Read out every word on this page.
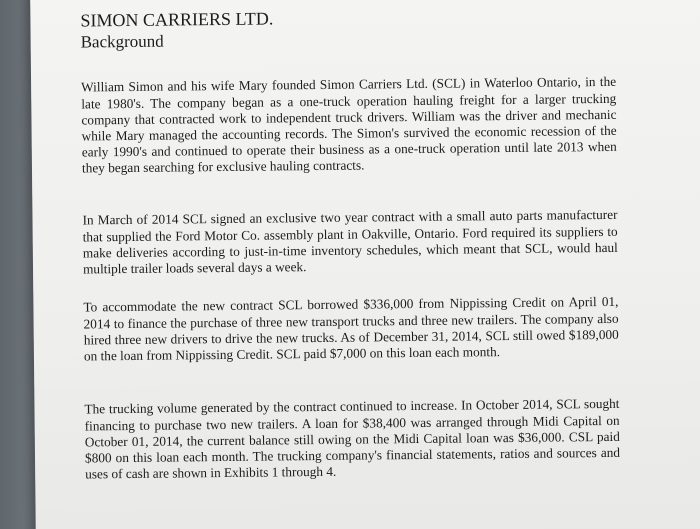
SIMON CARRIERS LTD.
Background

William Simon and his wife Mary founded Simon Carriers Ltd. (SCL) in Waterloo Ontario, in the late 1980's. The company began as a one-truck operation hauling freight for a larger trucking company that contracted work to independent truck drivers. William was the driver and mechanic while Mary managed the accounting records. The Simon's survived the economic recession of the early 1990's and continued to operate their business as a one-truck operation until late 2013 when they began searching for exclusive hauling contracts.

In March of 2014 SCL signed an exclusive two year contract with a small auto parts manufacturer that supplied the Ford Motor Co. assembly plant in Oakville, Ontario. Ford required its suppliers to make deliveries according to just-in-time inventory schedules, which meant that SCL, would haul multiple trailer loads several days a week.

To accommodate the new contract SCL borrowed $336,000 from Nippissing Credit on April 01, 2014 to finance the purchase of three new transport trucks and three new trailers. The company also hired three new drivers to drive the new trucks. As of December 31, 2014, SCL still owed $189,000 on the loan from Nippissing Credit. SCL paid $7,000 on this loan each month.

The trucking volume generated by the contract continued to increase. In October 2014, SCL sought financing to purchase two new trailers. A loan for $38,400 was arranged through Midi Capital on October 01, 2014, the current balance still owing on the Midi Capital loan was $36,000. CSL paid $800 on this loan each month. The trucking company's financial statements, ratios and sources and uses of cash are shown in Exhibits 1 through 4.
